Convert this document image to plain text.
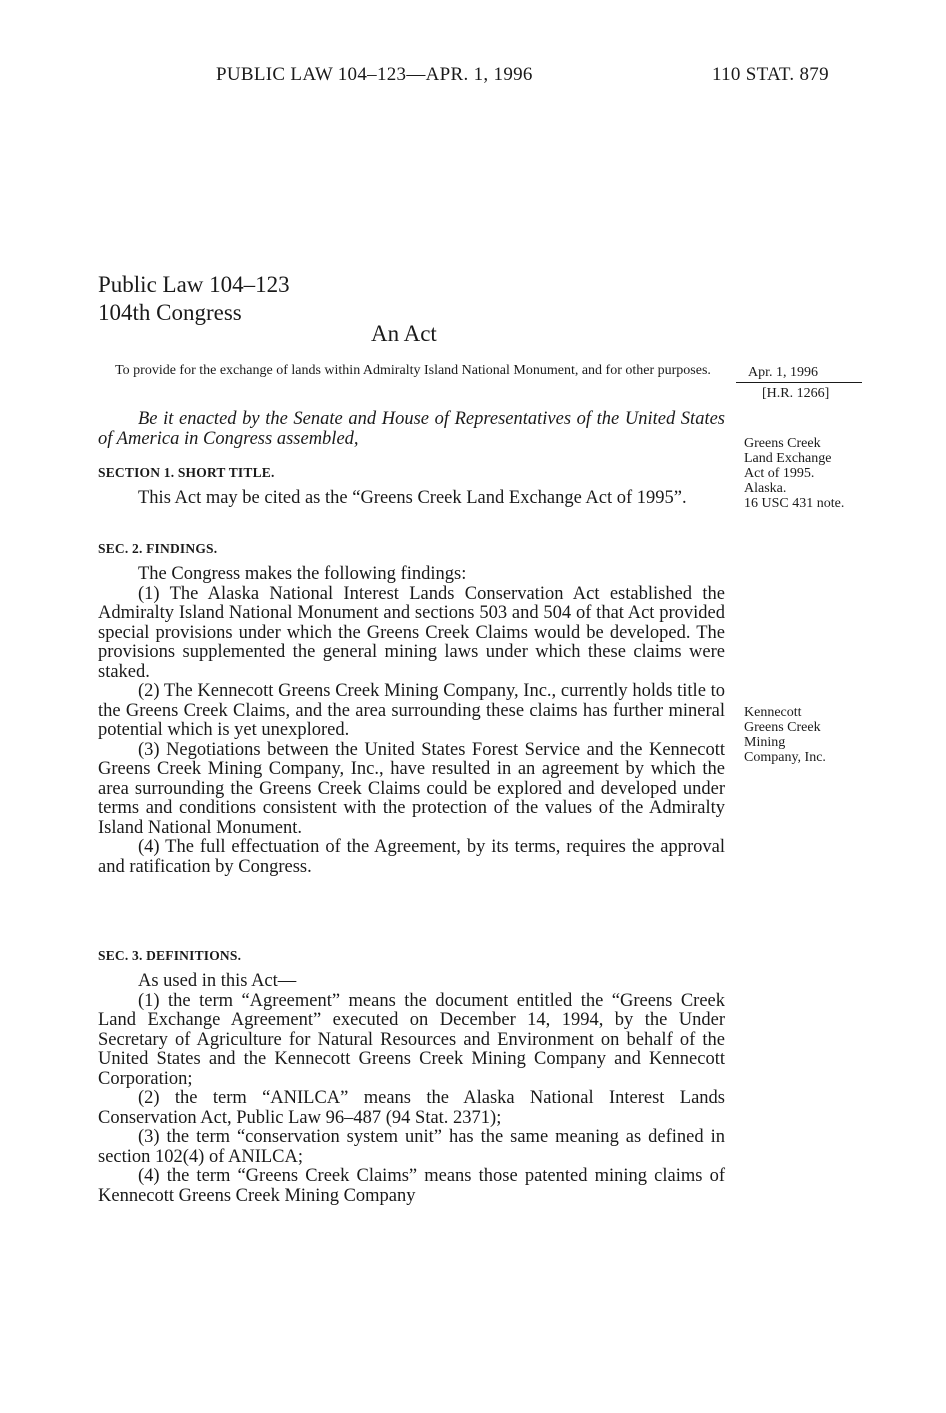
PUBLIC LAW 104–123—APR. 1, 1996	110 STAT. 879
Public Law 104–123
104th Congress
An Act
To provide for the exchange of lands within Admiralty Island National Monument, and for other purposes.	Apr. 1, 1996
[H.R. 1266]
Greens Creek
Land Exchange
Act of 1995.
Alaska.
16 USC 431 note.
Kennecott
Greens Creek
Mining
Company, Inc.

Be it enacted by the Senate and House of Representatives of the United States of America in Congress assembled,

SECTION 1. SHORT TITLE.

This Act may be cited as the “Greens Creek Land Exchange Act of 1995”.

SEC. 2. FINDINGS.

The Congress makes the following findings:

(1) The Alaska National Interest Lands Conservation Act established the Admiralty Island National Monument and sections 503 and 504 of that Act provided special provisions under which the Greens Creek Claims would be developed. The provisions supplemented the general mining laws under which these claims were staked.

(2) The Kennecott Greens Creek Mining Company, Inc., currently holds title to the Greens Creek Claims, and the area surrounding these claims has further mineral potential which is yet unexplored.

(3) Negotiations between the United States Forest Service and the Kennecott Greens Creek Mining Company, Inc., have resulted in an agreement by which the area surrounding the Greens Creek Claims could be explored and developed under terms and conditions consistent with the protection of the values of the Admiralty Island National Monument.

(4) The full effectuation of the Agreement, by its terms, requires the approval and ratification by Congress.

SEC. 3. DEFINITIONS.

As used in this Act—

(1) the term “Agreement” means the document entitled the “Greens Creek Land Exchange Agreement” executed on December 14, 1994, by the Under Secretary of Agriculture for Natural Resources and Environment on behalf of the United States and the Kennecott Greens Creek Mining Company and Kennecott Corporation;

(2) the term “ANILCA” means the Alaska National Interest Lands Conservation Act, Public Law 96–487 (94 Stat. 2371);

(3) the term “conservation system unit” has the same meaning as defined in section 102(4) of ANILCA;

(4) the term “Greens Creek Claims” means those patented mining claims of Kennecott Greens Creek Mining Company
